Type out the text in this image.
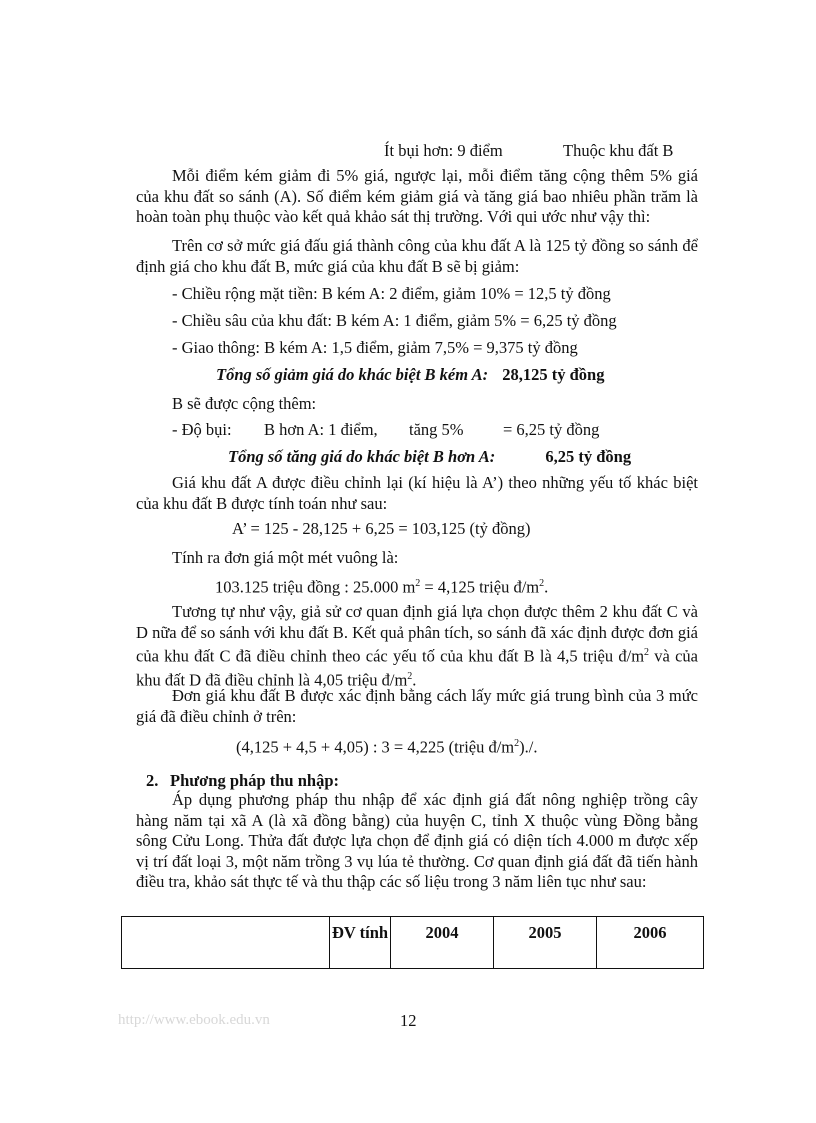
Ít bụi hơn: 9 điểm	Thuộc khu đất B
Mỗi điểm kém giảm đi 5% giá, ngược lại, mỗi điểm tăng cộng thêm 5% giá của khu đất so sánh (A). Số điểm kém giảm giá và tăng giá bao nhiêu phần trăm là hoàn toàn phụ thuộc vào kết quả khảo sát thị trường. Với qui ước như vậy thì:
Trên cơ sở mức giá đấu giá thành công của khu đất A là 125 tỷ đồng so sánh để định giá cho khu đất B, mức giá của khu đất B sẽ bị giảm:
- Chiều rộng mặt tiền: B kém A: 2 điểm, giảm 10% = 12,5 tỷ đồng
- Chiều sâu của khu đất: B kém A: 1 điểm, giảm 5% = 6,25 tỷ đồng
- Giao thông: B kém A: 1,5 điểm, giảm 7,5% = 9,375 tỷ đồng
Tổng số giảm giá do khác biệt B kém A: 28,125 tỷ đồng
B sẽ được cộng thêm:
- Độ bụi: B hơn A: 1 điểm, tăng 5% = 6,25 tỷ đồng
Tổng số tăng giá do khác biệt B hơn A:	6,25 tỷ đồng
Giá khu đất A được điều chỉnh lại (kí hiệu là A’) theo những yếu tố khác biệt của khu đất B được tính toán như sau:
A’ = 125 - 28,125 + 6,25 = 103,125 (tỷ đồng)
Tính ra đơn giá một mét vuông là:
103.125 triệu đồng : 25.000 $m^2 = 4,125$ triệu $đ/m^2$.
Tương tự như vậy, giả sử cơ quan định giá lựa chọn được thêm 2 khu đất C và D nữa để so sánh với khu đất B. Kết quả phân tích, so sánh đã xác định được đơn giá của khu đất C đã điều chỉnh theo các yếu tố của khu đất B là 4,5 triệu $đ/m^2$ và của khu đất D đã điều chỉnh là 4,05 triệu $đ/m^2$.
Đơn giá khu đất B được xác định bằng cách lấy mức giá trung bình của 3 mức giá đã điều chỉnh ở trên:
(4,125 + 4,5 + 4,05) : 3 = 4,225 (triệu $đ/m^2)./$.
2. Phương pháp thu nhập:
Áp dụng phương pháp thu nhập để xác định giá đất nông nghiệp trồng cây hàng năm tại xã A (là xã đồng bằng) của huyện C, tỉnh X thuộc vùng Đồng bằng sông Cửu Long. Thửa đất được lựa chọn để định giá có diện tích 4.000 m được xếp vị trí đất loại 3, một năm trồng 3 vụ lúa tẻ thường. Cơ quan định giá đất đã tiến hành điều tra, khảo sát thực tế và thu thập các số liệu trong 3 năm liên tục như sau:
	ĐV tính	2004	2005	2006
http://www.ebook.edu.vn	12
